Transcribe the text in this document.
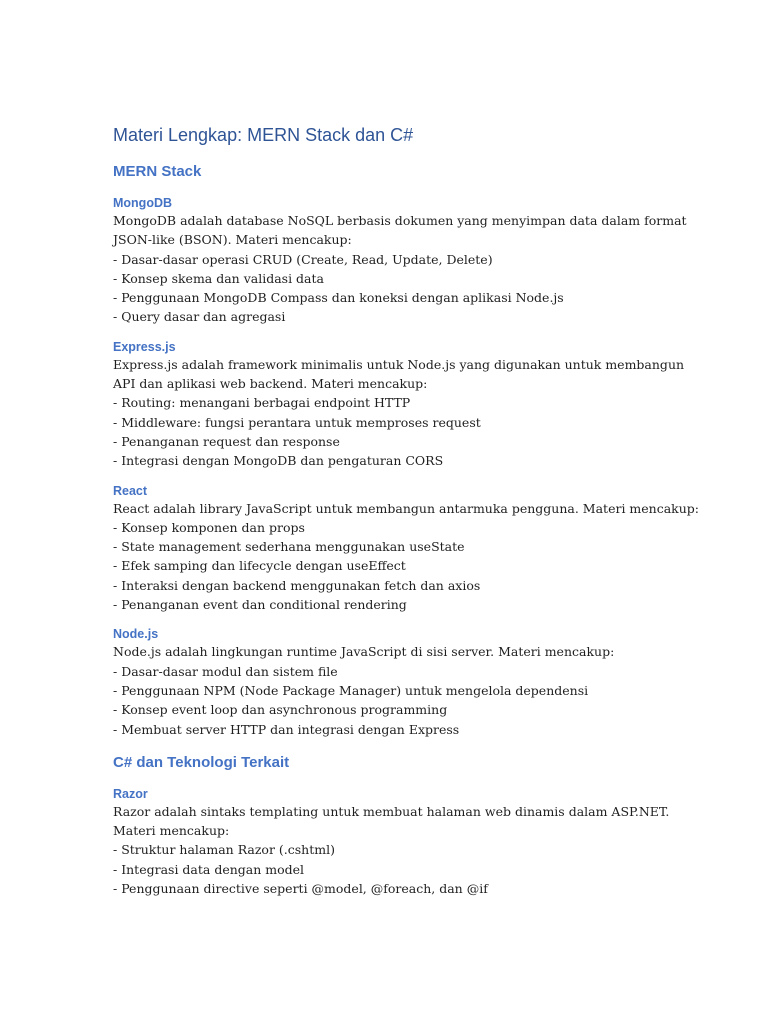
Materi Lengkap: MERN Stack dan C#
MERN Stack
MongoDB

MongoDB adalah database NoSQL berbasis dokumen yang menyimpan data dalam format

JSON-like (BSON). Materi mencakup:

- Dasar-dasar operasi CRUD (Create, Read, Update, Delete)

- Konsep skema dan validasi data

- Penggunaan MongoDB Compass dan koneksi dengan aplikasi Node.js

- Query dasar dan agregasi

Express.js

Express.js adalah framework minimalis untuk Node.js yang digunakan untuk membangun

API dan aplikasi web backend. Materi mencakup:

- Routing: menangani berbagai endpoint HTTP

- Middleware: fungsi perantara untuk memproses request

- Penanganan request dan response

- Integrasi dengan MongoDB dan pengaturan CORS

React

React adalah library JavaScript untuk membangun antarmuka pengguna. Materi mencakup:

- Konsep komponen dan props

- State management sederhana menggunakan useState

- Efek samping dan lifecycle dengan useEffect

- Interaksi dengan backend menggunakan fetch dan axios

- Penanganan event dan conditional rendering

Node.js

Node.js adalah lingkungan runtime JavaScript di sisi server. Materi mencakup:

- Dasar-dasar modul dan sistem file

- Penggunaan NPM (Node Package Manager) untuk mengelola dependensi

- Konsep event loop dan asynchronous programming

- Membuat server HTTP dan integrasi dengan Express

C# dan Teknologi Terkait
Razor

Razor adalah sintaks templating untuk membuat halaman web dinamis dalam ASP.NET.

Materi mencakup:

- Struktur halaman Razor (.cshtml)

- Integrasi data dengan model

- Penggunaan directive seperti @model, @foreach, dan @if
